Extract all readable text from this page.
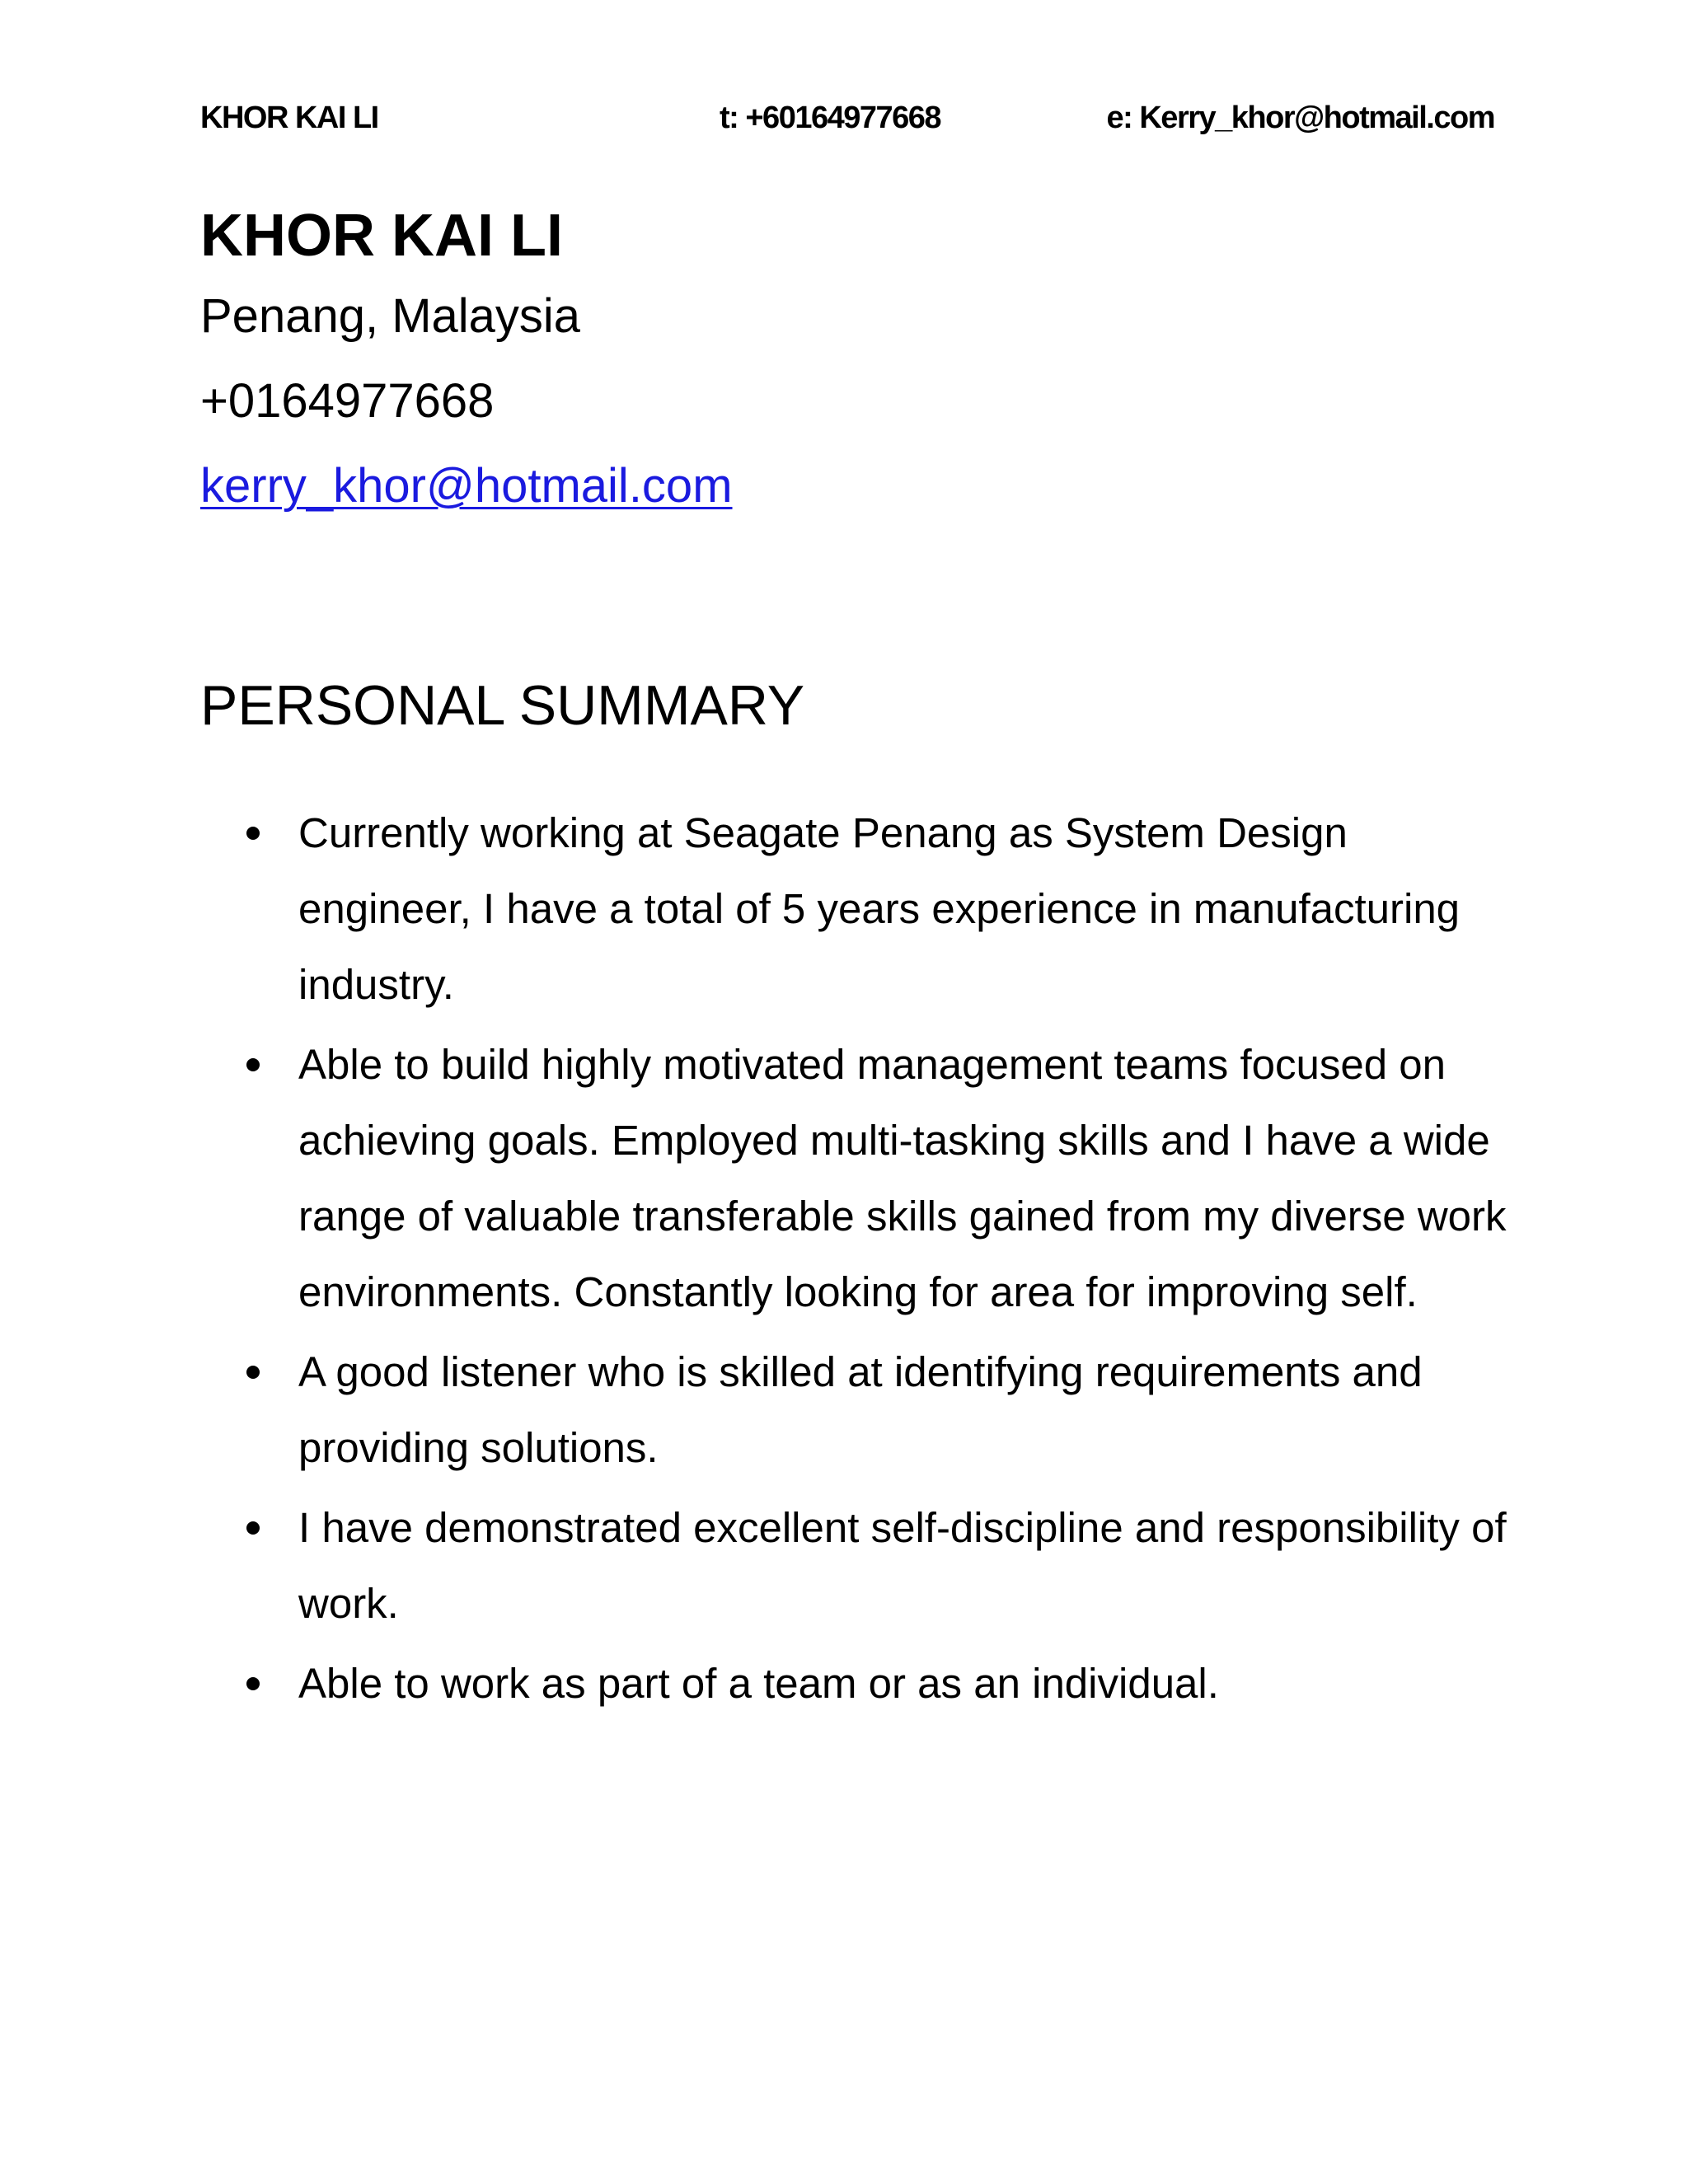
KHOR KAI LI	t: +60164977668	e: Kerry_khor@hotmail.com
KHOR KAI LI
Penang, Malaysia
+0164977668
kerry_khor@hotmail.com
PERSONAL SUMMARY
Currently working at Seagate Penang as System Design engineer, I have a total of 5 years experience in manufacturing industry.
Able to build highly motivated management teams focused on achieving goals. Employed multi-tasking skills and I have a wide range of valuable transferable skills gained from my diverse work environments. Constantly looking for area for improving self.
A good listener who is skilled at identifying requirements and providing solutions.
I have demonstrated excellent self-discipline and responsibility of work.
Able to work as part of a team or as an individual.
